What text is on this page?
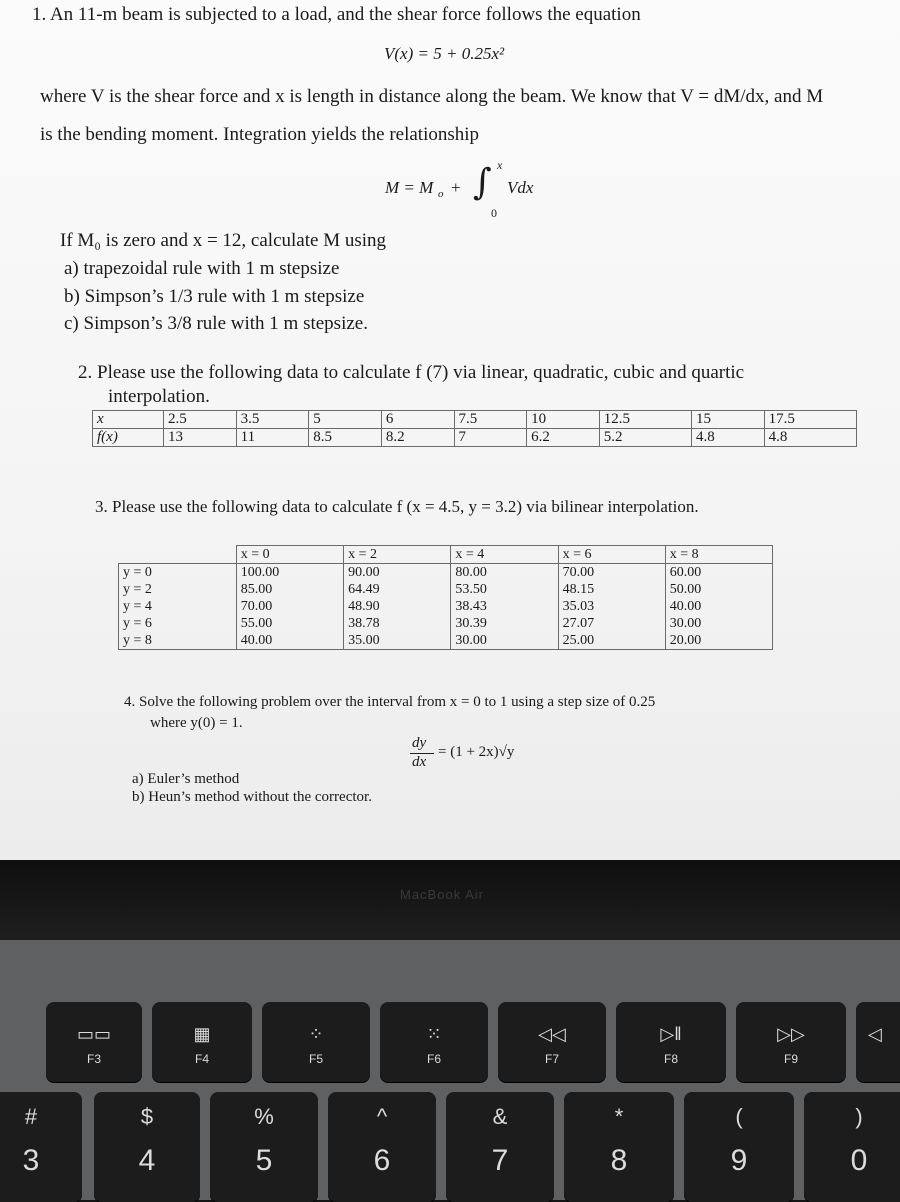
1. An 11-m beam is subjected to a load, and the shear force follows the equation
V(x) = 5 + 0.25x²
where V is the shear force and x is length in distance along the beam. We know that V = dM/dx, and M
is the bending moment. Integration yields the relationship
M = M o + ∫ x
0
Vdx
If M₀ is zero and x = 12, calculate M using
a) trapezoidal rule with 1 m stepsize
b) Simpson’s 1/3 rule with 1 m stepsize
c) Simpson’s 3/8 rule with 1 m stepsize.
2. Please use the following data to calculate f (7) via linear, quadratic, cubic and quartic
interpolation.
x	2.5	3.5	5	6	7.5	10	12.5	15	17.5
f(x)	13	11	8.5	8.2	7	6.2	5.2	4.8	4.8
3. Please use the following data to calculate f (x = 4.5, y = 3.2) via bilinear interpolation.
	x = 0	x = 2	x = 4	x = 6	x = 8
y = 0	100.00	90.00	80.00	70.00	60.00
y = 2	85.00	64.49	53.50	48.15	50.00
y = 4	70.00	48.90	38.43	35.03	40.00
y = 6	55.00	38.78	30.39	27.07	30.00
y = 8	40.00	35.00	30.00	25.00	20.00
4. Solve the following problem over the interval from x = 0 to 1 using a step size of 0.25
where y(0) = 1.
dy
dx
= (1 + 2x)√y
a) Euler’s method
b) Heun’s method without the corrector.
MacBook Air
▭▭
F3
▦
F4
⁘
F5
⁙
F6
◁◁
F7
▷‖
F8
▷▷
F9
◁
#
3
$
4
%
5
^
6
&
7
*
8
(
9
)
0
